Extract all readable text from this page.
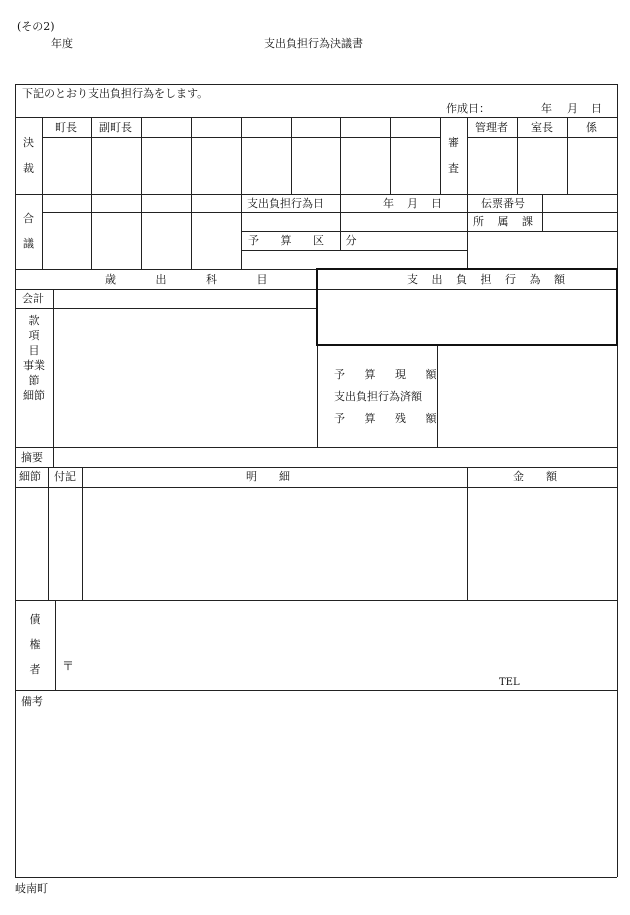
(その2)
年度	支出負担行為決議書
下記のとおり支出負担行為をします。
作成日：	年 月 日
決
裁
町長 副町長
審
査
管理者 室長	係
合
議
支出負担行為日	年 月 日	伝票番号
所 属 課
予 算 区 分
歳 出 科 目	支 出 負 担 行 為 額
会計
款
項
目
事業
節
細節
予 算 現 額
支出負担行為済額
予 算 残 額
摘要
細節 付記	明　　細	金　　額
債
権
者	〒
TEL
備考
岐南町
